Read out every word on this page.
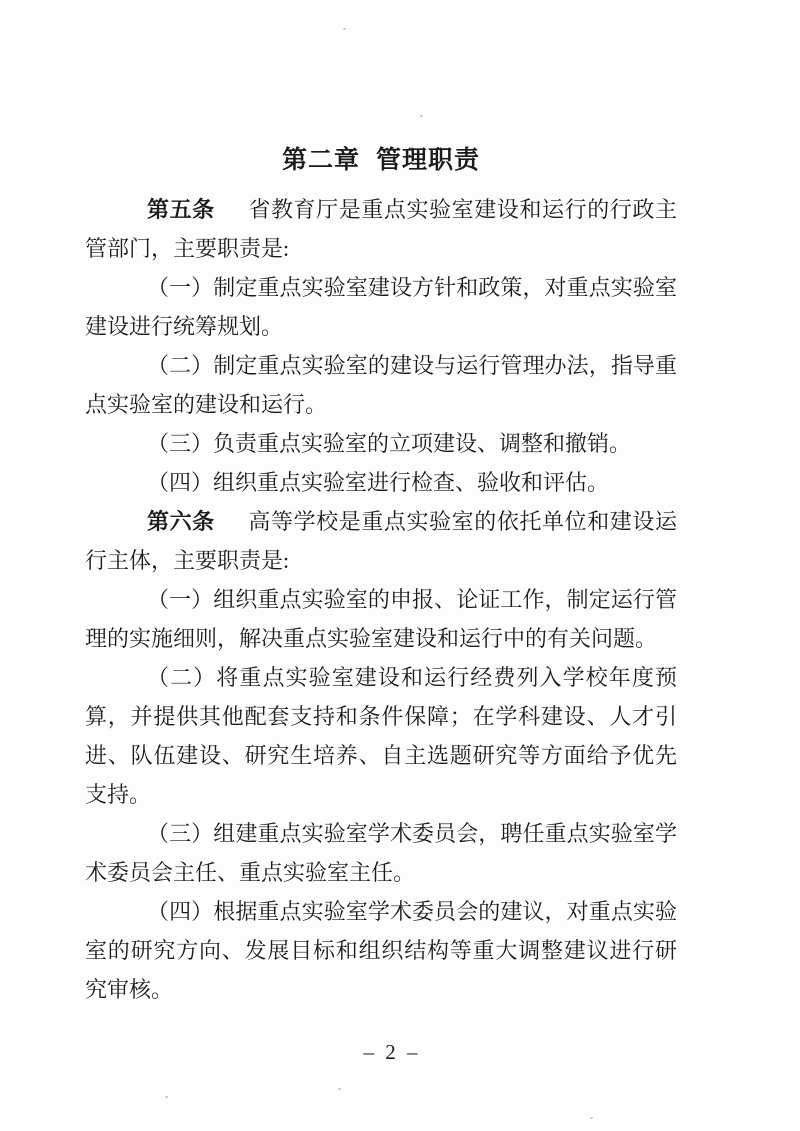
第二章 管理职责

第五条 省教育厅是重点实验室建设和运行的行政主管部门，主要职责是:

（一）制定重点实验室建设方针和政策，对重点实验室建设进行统筹规划。

（二）制定重点实验室的建设与运行管理办法，指导重点实验室的建设和运行。

（三）负责重点实验室的立项建设、调整和撤销。

（四）组织重点实验室进行检查、验收和评估。

第六条 高等学校是重点实验室的依托单位和建设运行主体，主要职责是:

（一）组织重点实验室的申报、论证工作，制定运行管理的实施细则，解决重点实验室建设和运行中的有关问题。

（二）将重点实验室建设和运行经费列入学校年度预算，并提供其他配套支持和条件保障；在学科建设、人才引进、队伍建设、研究生培养、自主选题研究等方面给予优先支持。

（三）组建重点实验室学术委员会，聘任重点实验室学术委员会主任、重点实验室主任。

（四）根据重点实验室学术委员会的建议，对重点实验室的研究方向、发展目标和组织结构等重大调整建议进行研究审核。

– 2 –
